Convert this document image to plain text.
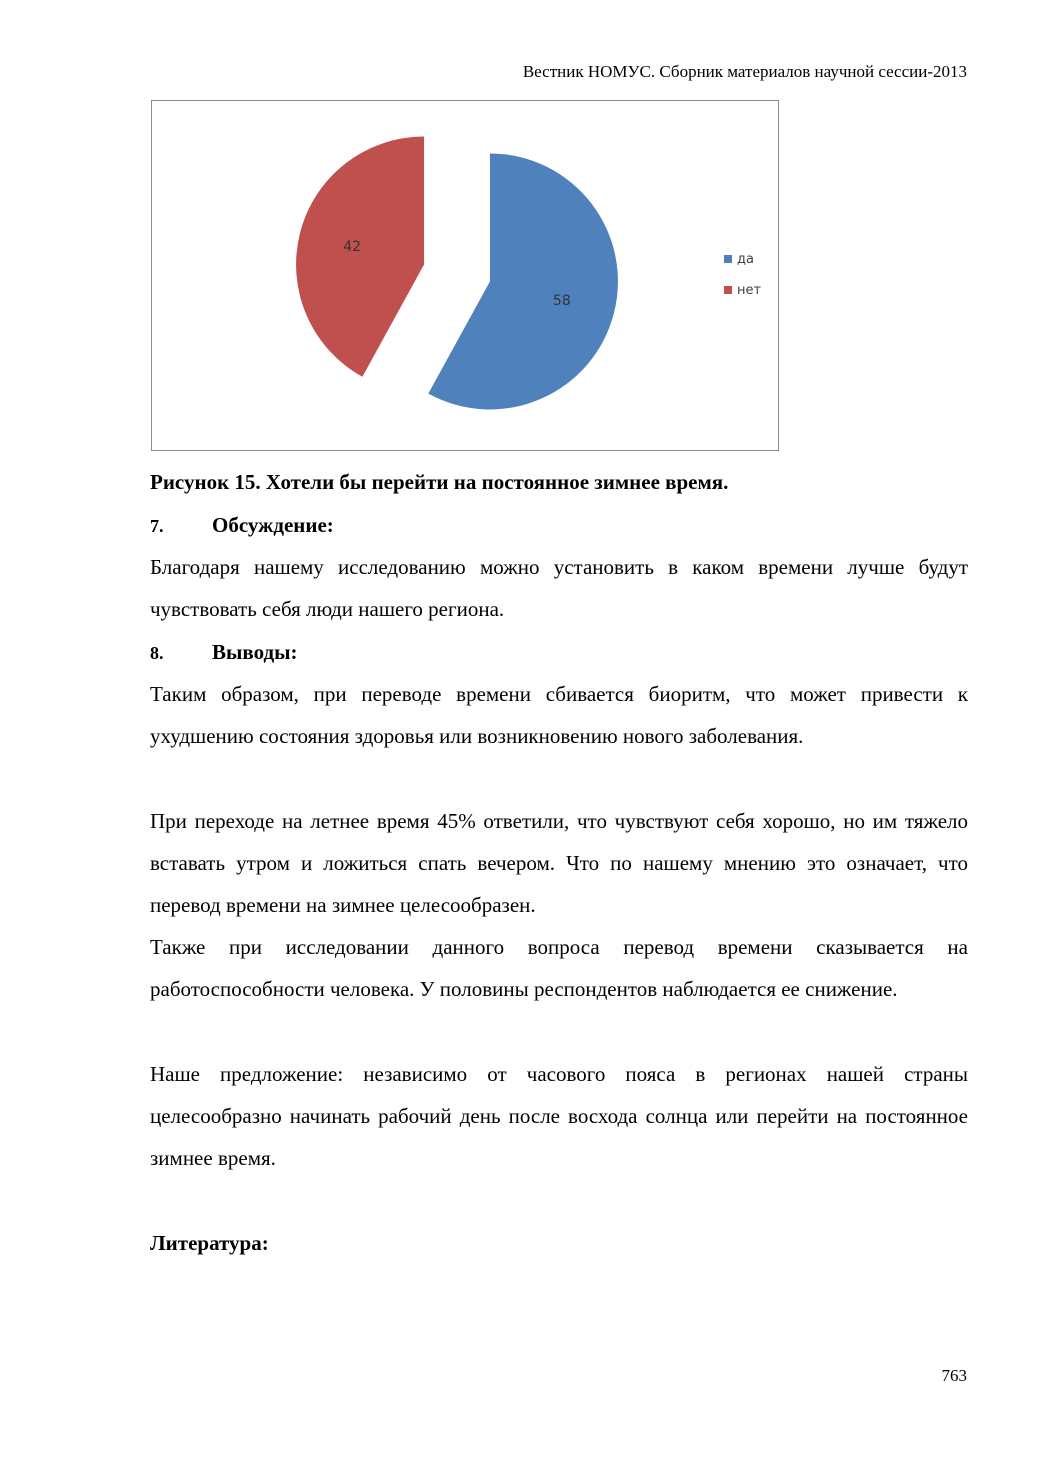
Вестник НОМУС. Сборник материалов научной сессии-2013
58
42
да
нет
Рисунок 15. Хотели бы перейти на постоянное зимнее время.
7. Обсуждение:
Благодаря нашему исследованию можно установить в каком времени лучше будут чувствовать себя люди нашего региона.
8. Выводы:
Таким образом, при переводе времени сбивается биоритм, что может привести к ухудшению состояния здоровья или возникновению нового заболевания.
При переходе на летнее время 45% ответили, что чувствуют себя хорошо, но им тяжело вставать утром и ложиться спать вечером. Что по нашему мнению это означает, что перевод времени на зимнее целесообразен.
Также при исследовании данного вопроса перевод времени сказывается на работоспособности человека. У половины респондентов наблюдается ее снижение.
Наше предложение: независимо от часового пояса в регионах нашей страны целесообразно начинать рабочий день после восхода солнца или перейти на постоянное зимнее время.
Литература:
763
